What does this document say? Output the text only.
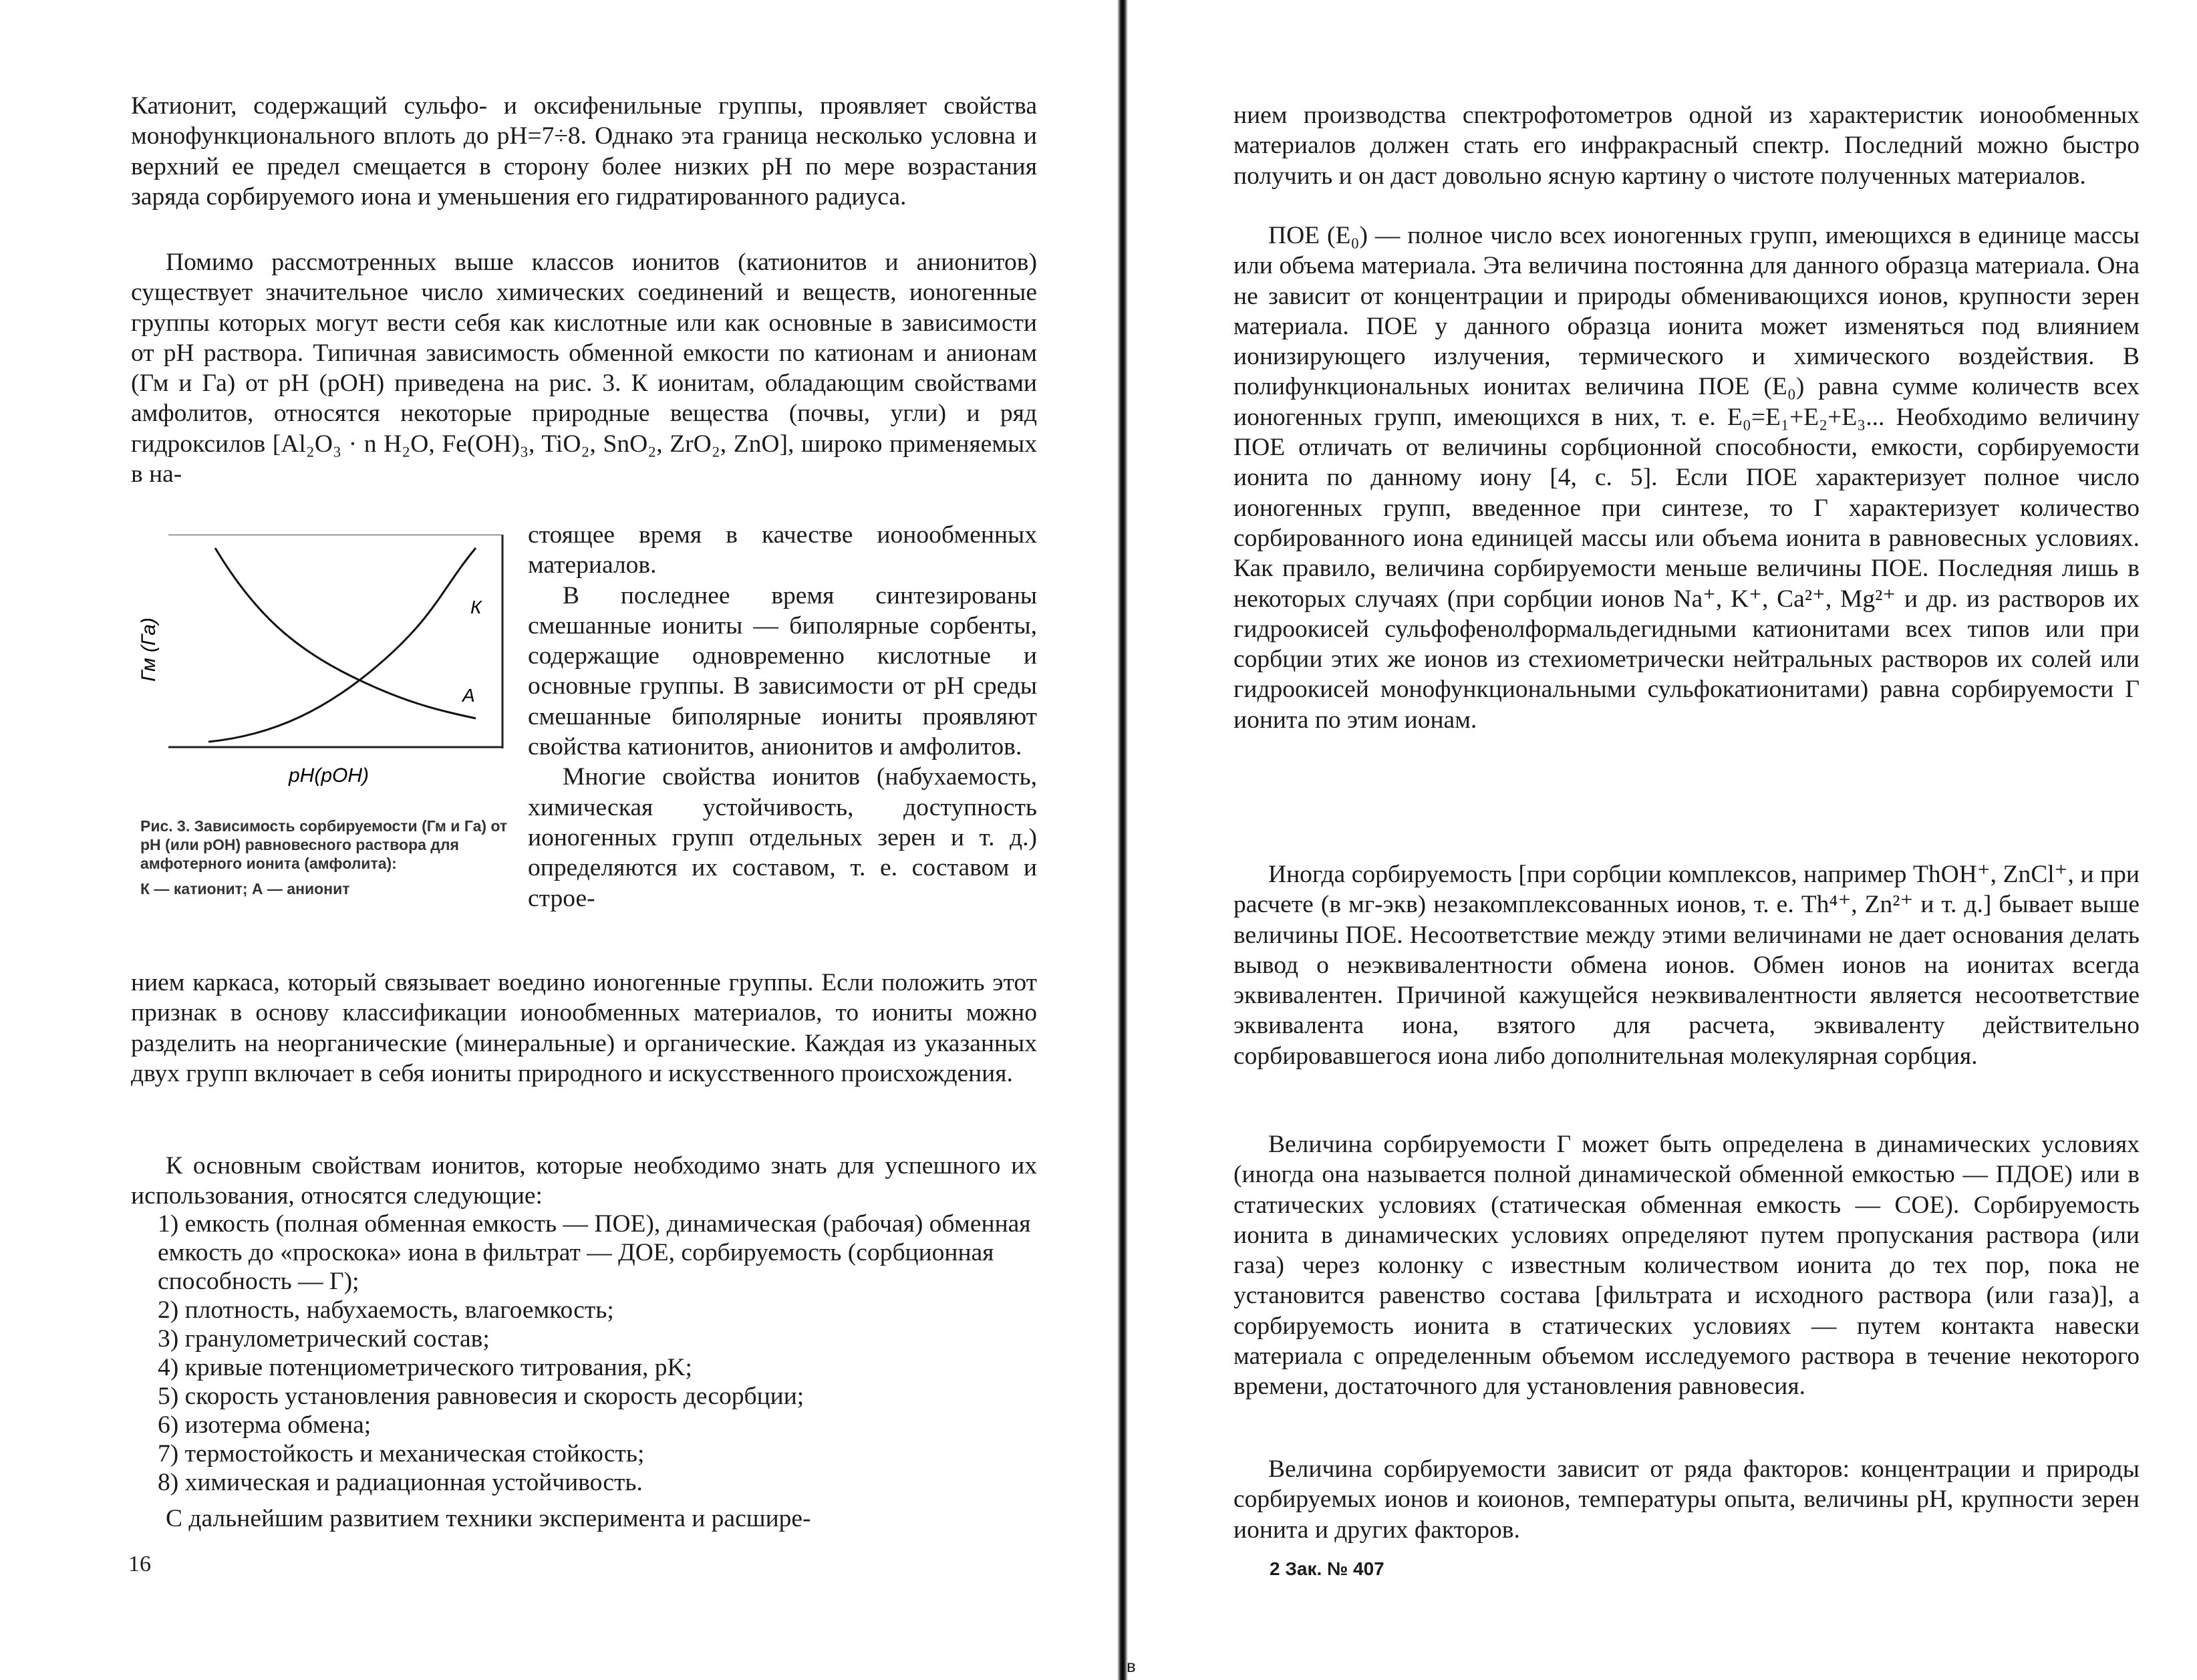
Катионит, содержащий сульфо- и оксифенильные группы, проявляет свойства монофункционального вплоть до pH=7÷8. Однако эта граница несколько условна и верхний ее предел смещается в сторону более низких pH по мере возрастания заряда сорбируемого иона и уменьшения его гидратированного радиуса.

Помимо рассмотренных выше классов ионитов (катионитов и анионитов) существует значительное число химических соединений и веществ, ионогенные группы которых могут вести себя как кислотные или как основные в зависимости от pH раствора. Типичная зависимость обменной емкости по катионам и анионам (Гм и Га) от pH (pOH) приведена на рис. 3. К ионитам, обладающим свойствами амфолитов, относятся некоторые природные вещества (почвы, угли) и ряд гидроксилов [Al₂O₃ · n H₂O, Fe(OH)₃, TiO₂, SnO₂, ZrO₂, ZnO], широко применяемых в на-

К
А
Гм (Га)
pH(pOH)

Рис. 3. Зависимость сорбируемости (Гм и Га) от pH (или pOH) равновесного раствора для амфотерного ионита (амфолита):

К — катионит; А — анионит

стоящее время в качестве ионообменных материалов.

В последнее время синтезированы смешанные иониты — биполярные сорбенты, содержащие одновременно кислотные и основные группы. В зависимости от pH среды смешанные биполярные иониты проявляют свойства катионитов, анионитов и амфолитов.

Многие свойства ионитов (набухаемость, химическая устойчивость, доступность ионогенных групп отдельных зерен и т. д.) определяются их составом, т. е. составом и строе-

нием каркаса, который связывает воедино ионогенные группы. Если положить этот признак в основу классификации ионообменных материалов, то иониты можно разделить на неорганические (минеральные) и органические. Каждая из указанных двух групп включает в себя иониты природного и искусственного происхождения.

К основным свойствам ионитов, которые необходимо знать для успешного их использования, относятся следующие:

1) емкость (полная обменная емкость — ПОЕ), динамическая (рабочая) обменная емкость до «проскока» иона в фильтрат — ДОЕ, сорбируемость (сорбционная способность — Г);
2) плотность, набухаемость, влагоемкость;
3) гранулометрический состав;
4) кривые потенциометрического титрования, pK;
5) скорость установления равновесия и скорость десорбции;
6) изотерма обмена;
7) термостойкость и механическая стойкость;
8) химическая и радиационная устойчивость.

С дальнейшим развитием техники эксперимента и расшире-

16
в

нием производства спектрофотометров одной из характеристик ионообменных материалов должен стать его инфракрасный спектр. Последний можно быстро получить и он даст довольно ясную картину о чистоте полученных материалов.

ПОЕ (E₀) — полное число всех ионогенных групп, имеющихся в единице массы или объема материала. Эта величина постоянна для данного образца материала. Она не зависит от концентрации и природы обменивающихся ионов, крупности зерен материала. ПОЕ у данного образца ионита может изменяться под влиянием ионизирующего излучения, термического и химического воздействия. В полифункциональных ионитах величина ПОЕ (E₀) равна сумме количеств всех ионогенных групп, имеющихся в них, т. е. E₀=E₁+E₂+E₃... Необходимо величину ПОЕ отличать от величины сорбционной способности, емкости, сорбируемости ионита по данному иону [4, с. 5]. Если ПОЕ характеризует полное число ионогенных групп, введенное при синтезе, то Г характеризует количество сорбированного иона единицей массы или объема ионита в равновесных условиях. Как правило, величина сорбируемости меньше величины ПОЕ. Последняя лишь в некоторых случаях (при сорбции ионов Na⁺, K⁺, Ca²⁺, Mg²⁺ и др. из растворов их гидроокисей сульфофенолформальдегидными катионитами всех типов или при сорбции этих же ионов из стехиометрически нейтральных растворов их солей или гидроокисей монофункциональными сульфокатионитами) равна сорбируемости Г ионита по этим ионам.

Иногда сорбируемость [при сорбции комплексов, например ThOH⁺, ZnCl⁺, и при расчете (в мг-экв) незакомплексованных ионов, т. е. Th⁴⁺, Zn²⁺ и т. д.] бывает выше величины ПОЕ. Несоответствие между этими величинами не дает основания делать вывод о неэквивалентности обмена ионов. Обмен ионов на ионитах всегда эквивалентен. Причиной кажущейся неэквивалентности является несоответствие эквивалента иона, взятого для расчета, эквиваленту действительно сорбировавшегося иона либо дополнительная молекулярная сорбция.

Величина сорбируемости Г может быть определена в динамических условиях (иногда она называется полной динамической обменной емкостью — ПДОЕ) или в статических условиях (статическая обменная емкость — СОЕ). Сорбируемость ионита в динамических условиях определяют путем пропускания раствора (или газа) через колонку с известным количеством ионита до тех пор, пока не установится равенство состава [фильтрата и исходного раствора (или газа)], а сорбируемость ионита в статических условиях — путем контакта навески материала с определенным объемом исследуемого раствора в течение некоторого времени, достаточного для установления равновесия.

Величина сорбируемости зависит от ряда факторов: концентрации и природы сорбируемых ионов и коионов, температуры опыта, величины pH, крупности зерен ионита и других факторов.

2 Зак. № 407
